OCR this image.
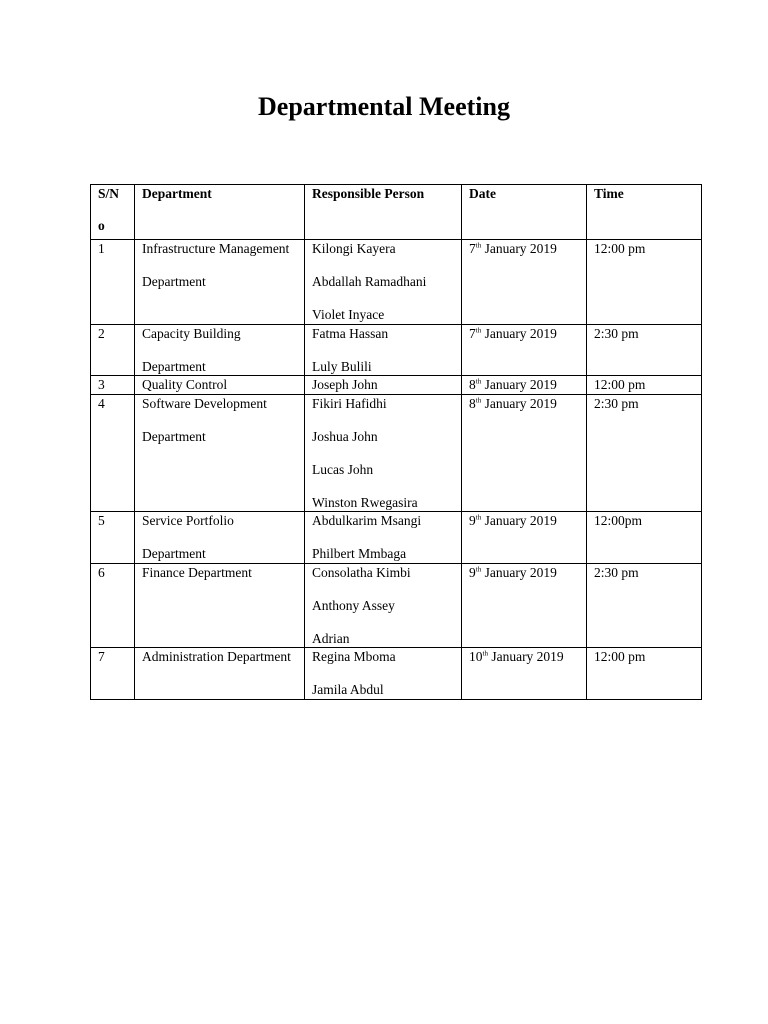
Departmental Meeting
S/N
o	Department	Responsible Person	Date	Time
1	Infrastructure Management
Department	Kilongi Kayera
Abdallah Ramadhani
Violet Inyace	7th January 2019	12:00 pm
2	Capacity Building
Department	Fatma Hassan
Luly Bulili	7th January 2019	2:30 pm
3	Quality Control	Joseph John	8th January 2019	12:00 pm
4	Software Development
Department	Fikiri Hafidhi
Joshua John
Lucas John
Winston Rwegasira	8th January 2019	2:30 pm
5	Service Portfolio
Department	Abdulkarim Msangi
Philbert Mmbaga	9th January 2019	12:00pm
6	Finance Department	Consolatha Kimbi
Anthony Assey
Adrian	9th January 2019	2:30 pm
7	Administration Department	Regina Mboma
Jamila Abdul	10th January 2019	12:00 pm
